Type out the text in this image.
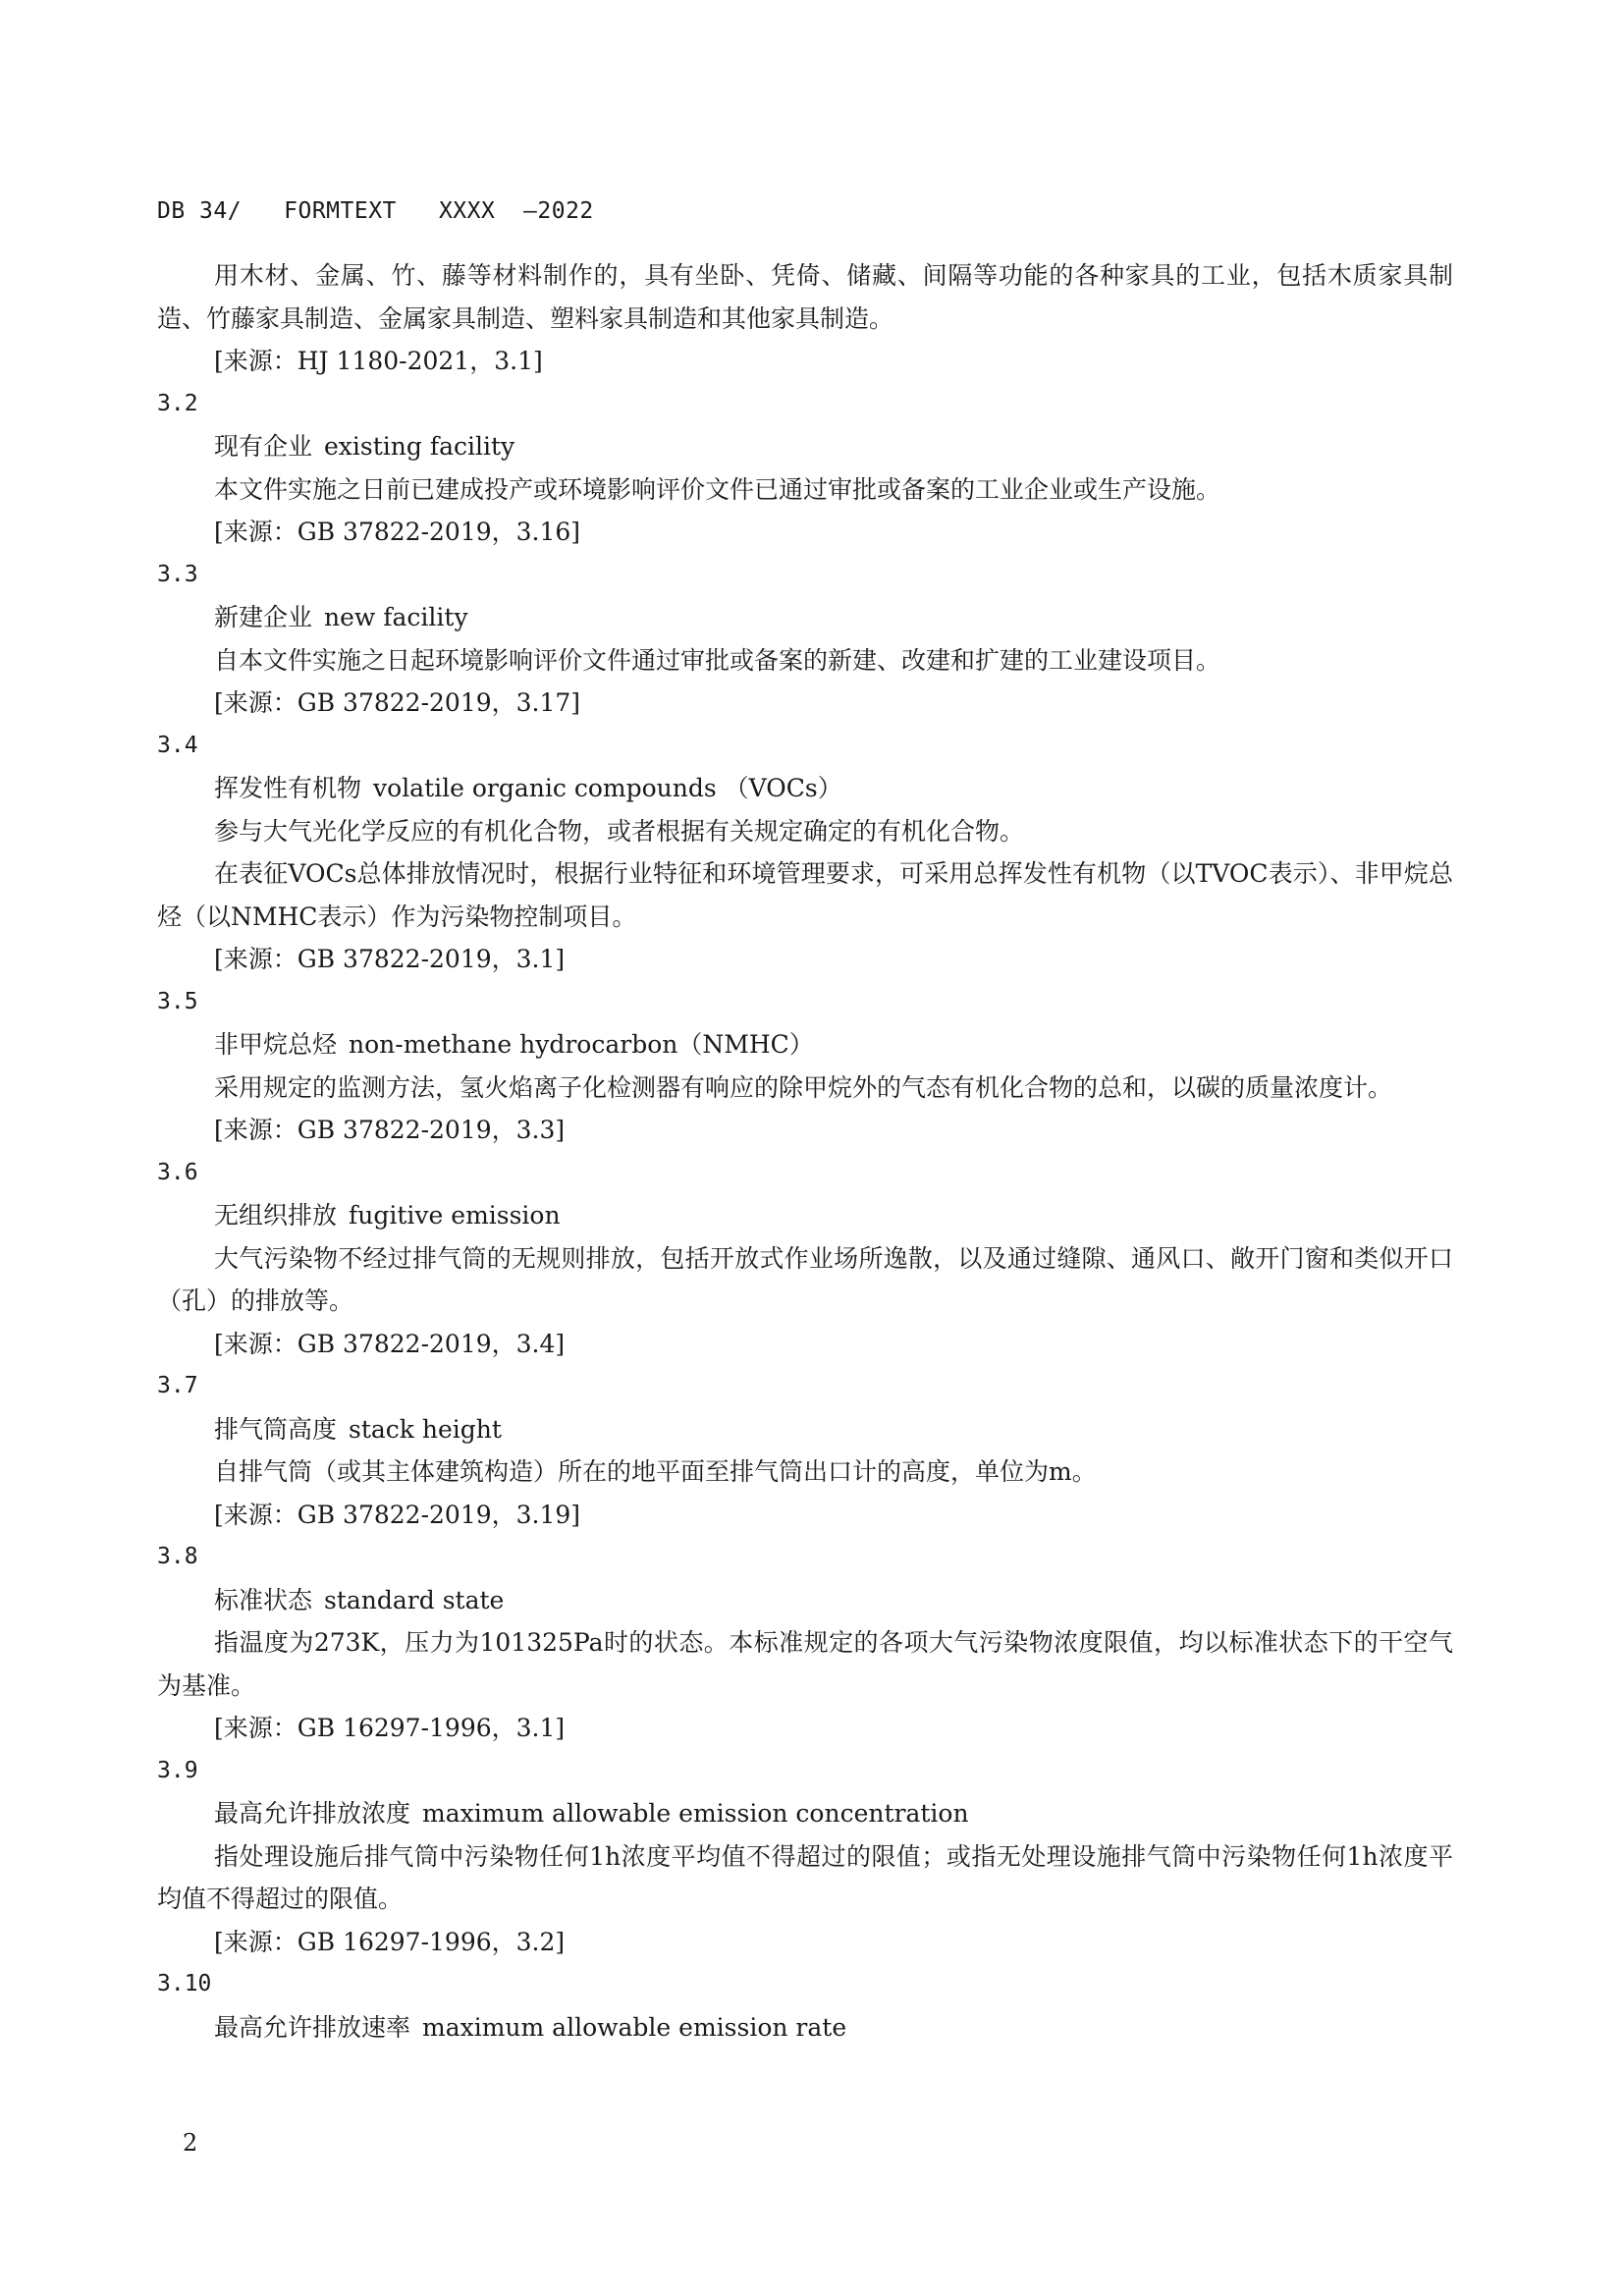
DB 34/   FORMTEXT   XXXX  —2022

用木材、金属、竹、藤等材料制作的，具有坐卧、凭倚、储藏、间隔等功能的各种家具的工业，包括木质家具制造、竹藤家具制造、金属家具制造、塑料家具制造和其他家具制造。

[来源：HJ 1180-2021，3.1]

3.2

现有企业 existing facility

本文件实施之日前已建成投产或环境影响评价文件已通过审批或备案的工业企业或生产设施。

[来源：GB 37822-2019，3.16]

3.3

新建企业 new facility

自本文件实施之日起环境影响评价文件通过审批或备案的新建、改建和扩建的工业建设项目。

[来源：GB 37822-2019，3.17]

3.4

挥发性有机物 volatile organic compounds （VOCs）

参与大气光化学反应的有机化合物，或者根据有关规定确定的有机化合物。

在表征VOCs总体排放情况时，根据行业特征和环境管理要求，可采用总挥发性有机物（以TVOC表示）、非甲烷总烃（以NMHC表示）作为污染物控制项目。

[来源：GB 37822-2019，3.1]

3.5

非甲烷总烃 non-methane hydrocarbon（NMHC）

采用规定的监测方法，氢火焰离子化检测器有响应的除甲烷外的气态有机化合物的总和，以碳的质量浓度计。

[来源：GB 37822-2019，3.3]

3.6

无组织排放 fugitive emission

大气污染物不经过排气筒的无规则排放，包括开放式作业场所逸散，以及通过缝隙、通风口、敞开门窗和类似开口（孔）的排放等。

[来源：GB 37822-2019，3.4]

3.7

排气筒高度 stack height

自排气筒（或其主体建筑构造）所在的地平面至排气筒出口计的高度，单位为m。

[来源：GB 37822-2019，3.19]

3.8

标准状态 standard state

指温度为273K，压力为101325Pa时的状态。本标准规定的各项大气污染物浓度限值，均以标准状态下的干空气为基准。

[来源：GB 16297-1996，3.1]

3.9

最高允许排放浓度 maximum allowable emission concentration

指处理设施后排气筒中污染物任何1h浓度平均值不得超过的限值；或指无处理设施排气筒中污染物任何1h浓度平均值不得超过的限值。

[来源：GB 16297-1996，3.2]

3.10

最高允许排放速率 maximum allowable emission rate

2
